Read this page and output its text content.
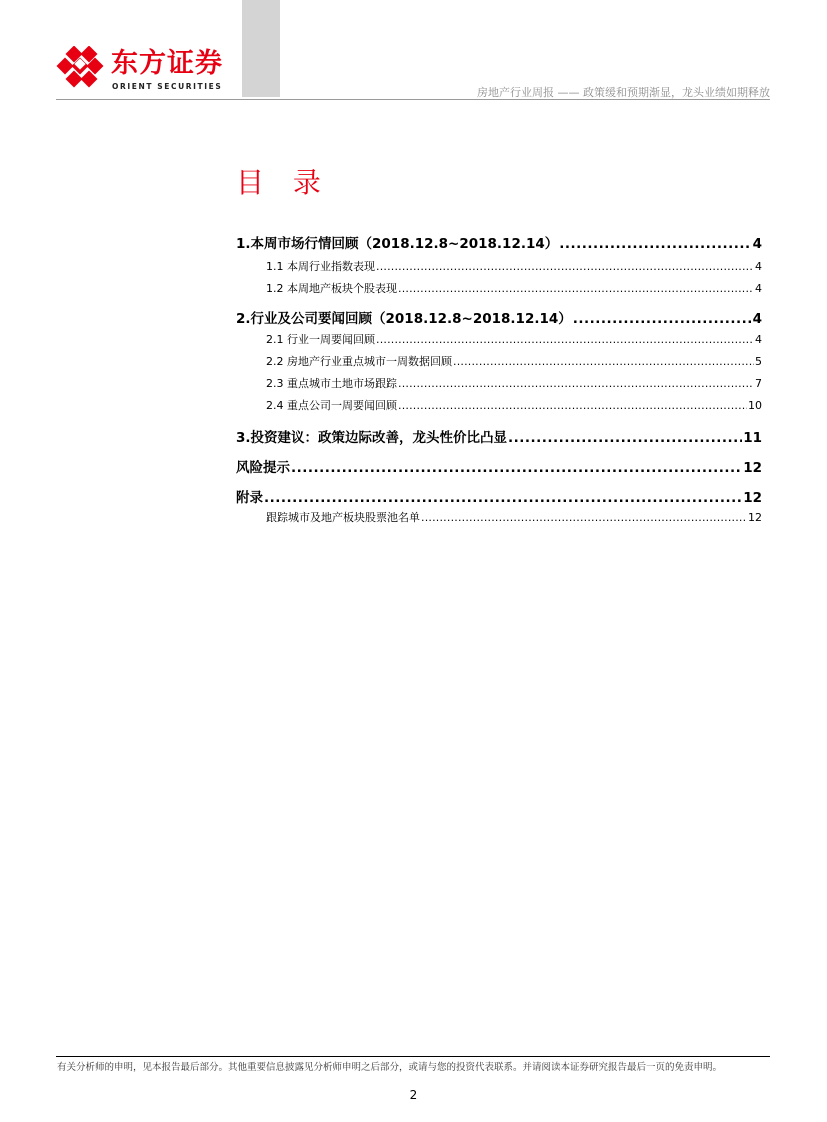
东方证券
ORIENT SECURITIES	房地产行业周报 —— 政策缓和预期渐显，龙头业绩如期释放
目 录
1.本周市场行情回顾（2018.12.8~2018.12.14） .....	4
1.1 本周行业指数表现 .....	4
1.2 本周地产板块个股表现 .....	4
2.行业及公司要闻回顾（2018.12.8~2018.12.14） .....	4
2.1 行业一周要闻回顾 .....	4
2.2 房地产行业重点城市一周数据回顾 .....	5
2.3 重点城市土地市场跟踪 .....	7
2.4 重点公司一周要闻回顾 .....	10
3.投资建议：政策边际改善，龙头性价比凸显 .....	11
风险提示 .....	12
附录 .....	12
跟踪城市及地产板块股票池名单 .....	12
有关分析师的申明，见本报告最后部分。其他重要信息披露见分析师申明之后部分，或请与您的投资代表联系。并请阅读本证券研究报告最后一页的免责申明。
2
